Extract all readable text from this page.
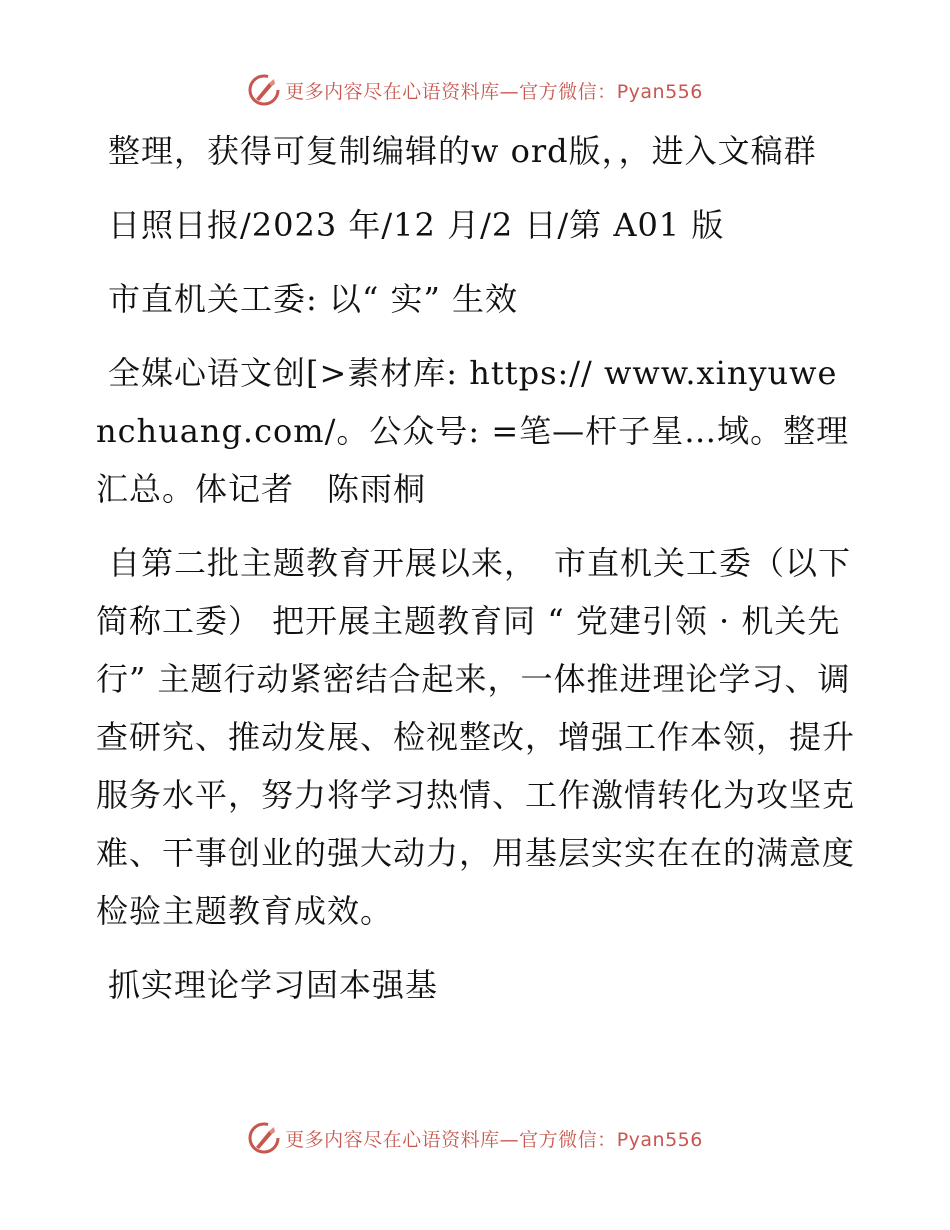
更多内容尽在心语资料库—官方微信：Pyan556

整理，获得可复制编辑的w ord版，，进入文稿群

日照日报/2023 年/12 月/2 日/第 A01 版

市直机关工委: 以“ 实” 生效

全媒心语文创[>素材库: https:// www.xinyuwenchuang.com/。公众号: =笔—杆子星…域。整理汇总。体记者　陈雨桐

自第二批主题教育开展以来，　市直机关工委（以下简称工委） 把开展主题教育同 “ 党建引领 · 机关先行” 主题行动紧密结合起来，一体推进理论学习、调查研究、推动发展、检视整改，增强工作本领，提升服务水平，努力将学习热情、工作激情转化为攻坚克难、干事创业的强大动力，用基层实实在在的满意度检验主题教育成效。

抓实理论学习固本强基

更多内容尽在心语资料库—官方微信：Pyan556
